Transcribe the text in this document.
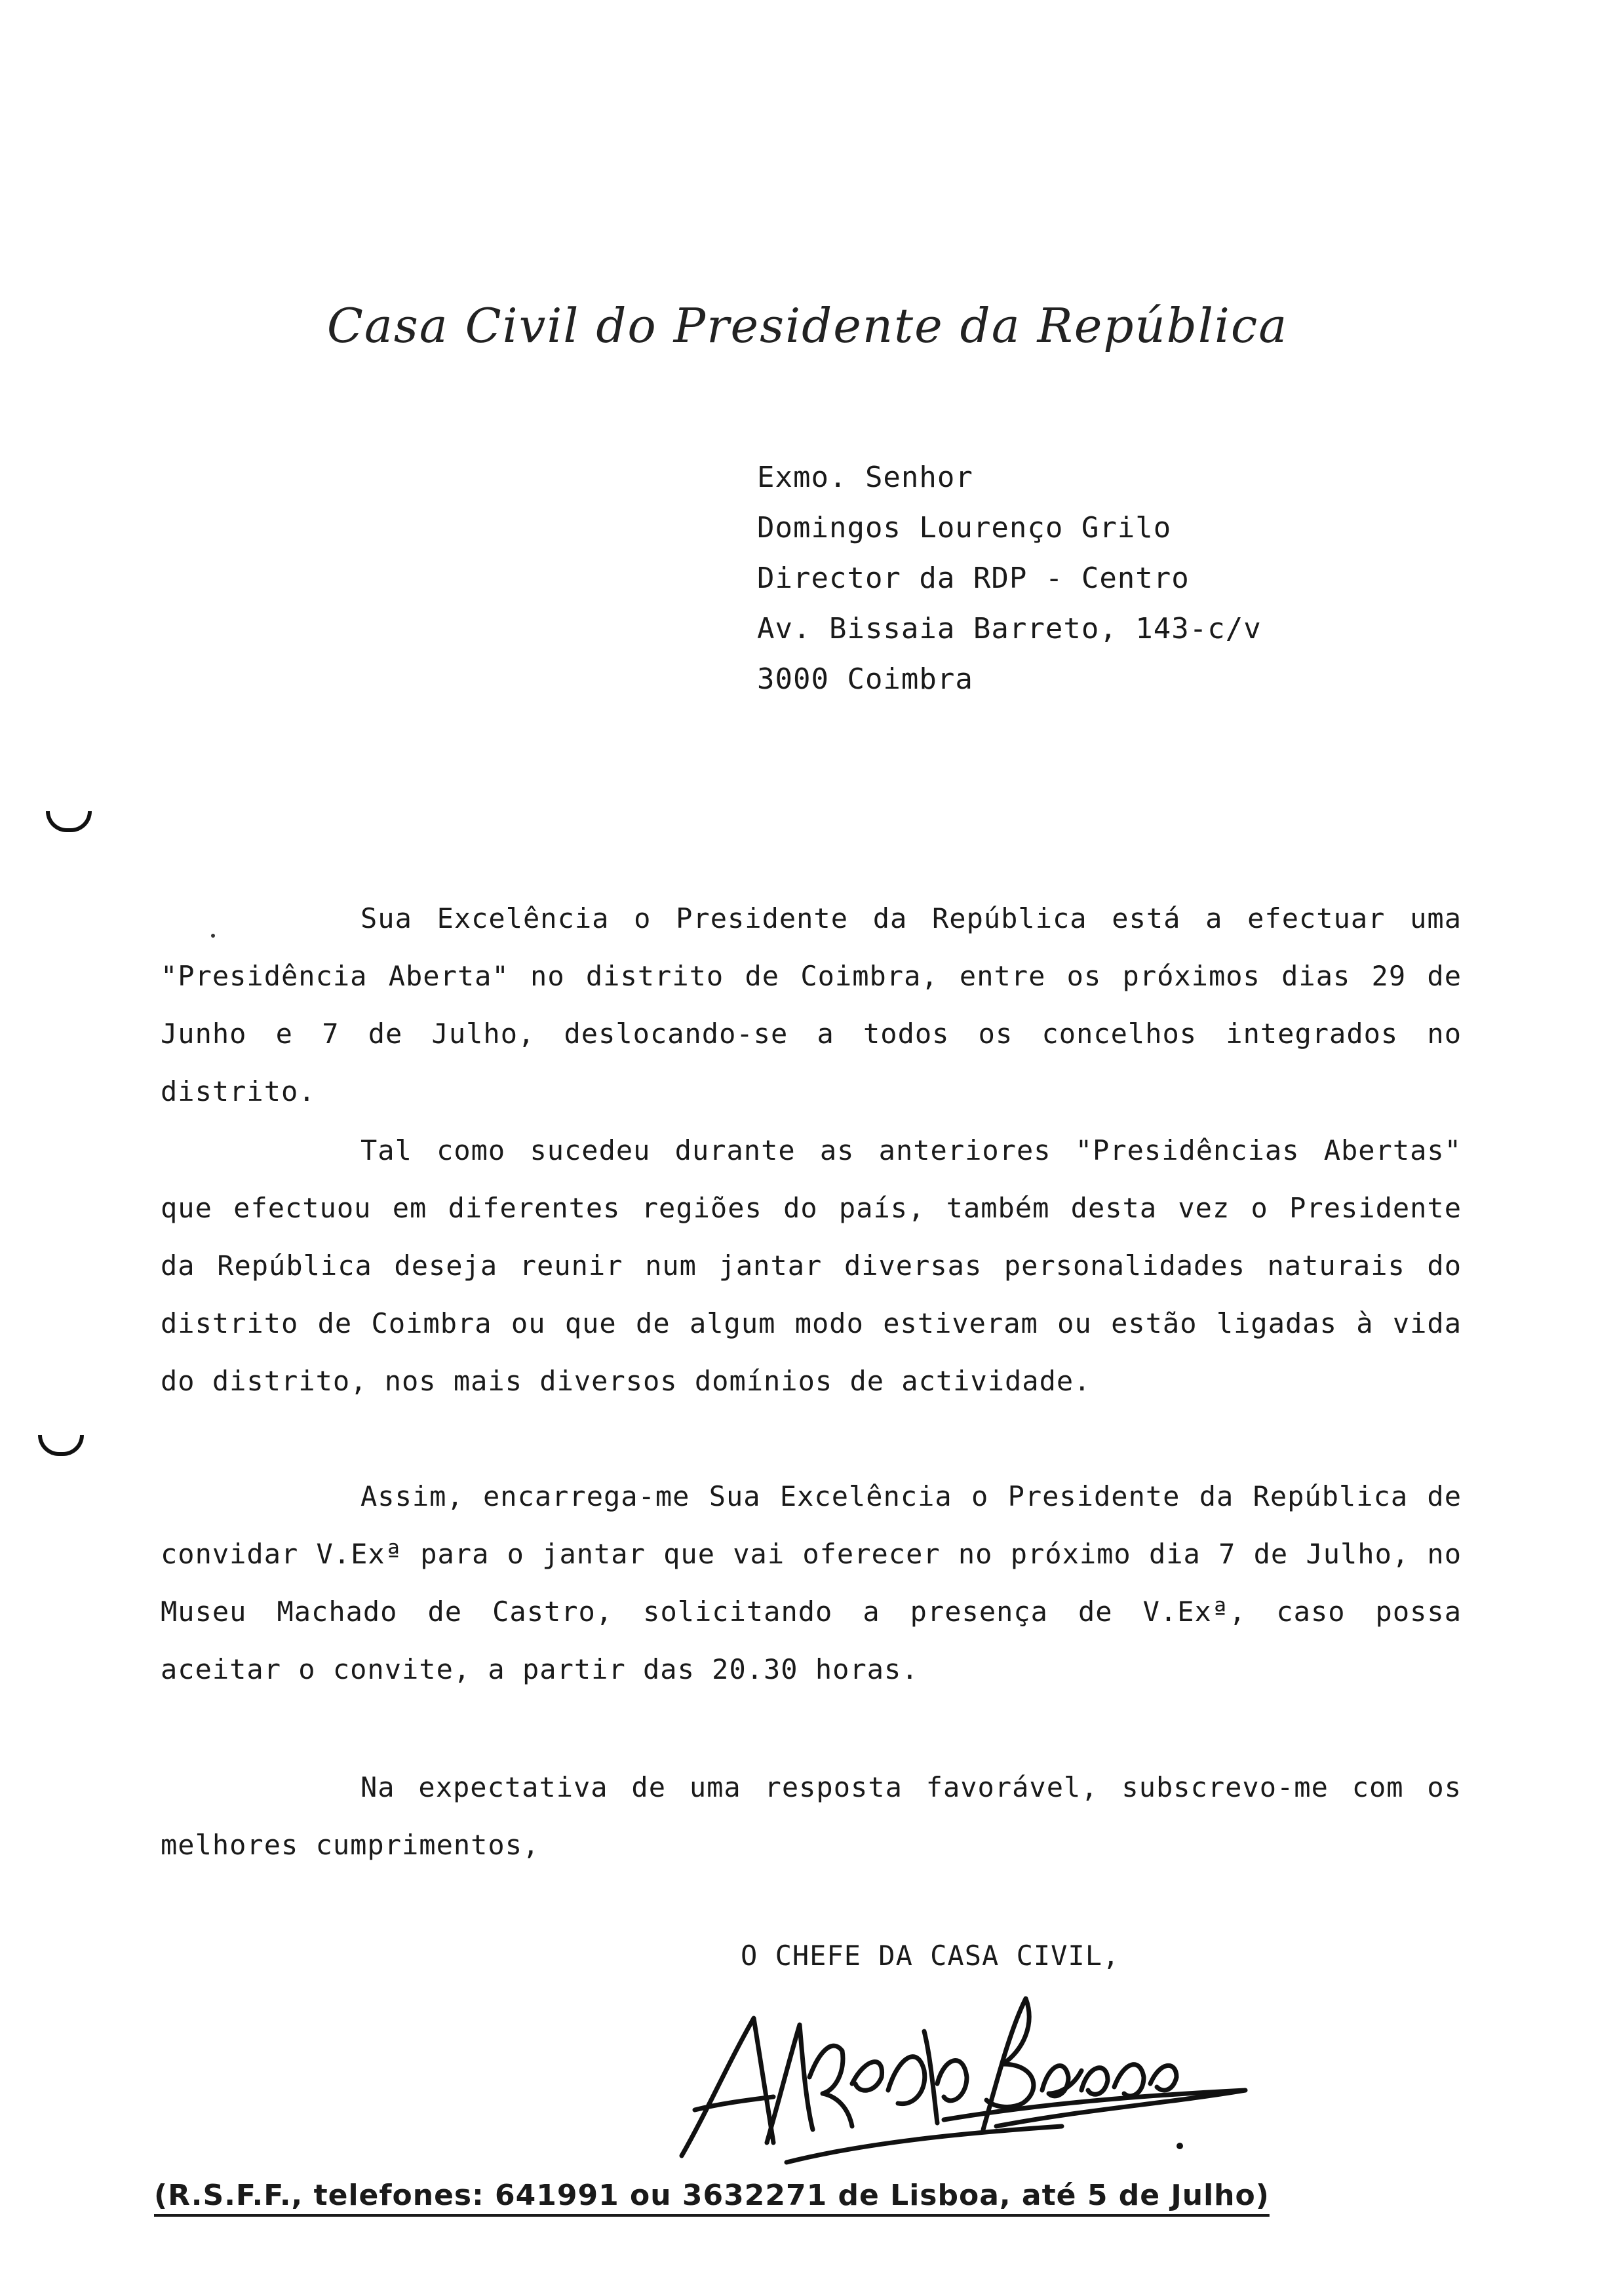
Casa Civil do Presidente da República
Exmo. Senhor
Domingos Lourenço Grilo
Director da RDP - Centro
Av. Bissaia Barreto, 143-c/v
3000 Coimbra
Sua Excelência o Presidente da República está a efectuar uma "Presidência Aberta" no distrito de Coimbra, entre os próximos dias 29 de Junho e 7 de Julho, deslocando-se a todos os concelhos integrados no distrito.
Tal como sucedeu durante as anteriores "Presidências Abertas" que efectuou em diferentes regiões do país, também desta vez o Presidente da República deseja reunir num jantar diversas personalidades naturais do distrito de Coimbra ou que de algum modo estiveram ou estão ligadas à vida do distrito, nos mais diversos domínios de actividade.
Assim, encarrega-me Sua Excelência o Presidente da República de convidar V.Exª para o jantar que vai oferecer no próximo dia 7 de Julho, no Museu Machado de Castro, solicitando a presença de V.Exª, caso possa aceitar o convite, a partir das 20.30 horas.
Na expectativa de uma resposta favorável, subscrevo-me com os melhores cumprimentos,
O CHEFE DA CASA CIVIL,
(R.S.F.F., telefones: 641991 ou 3632271 de Lisboa, até 5 de Julho)
